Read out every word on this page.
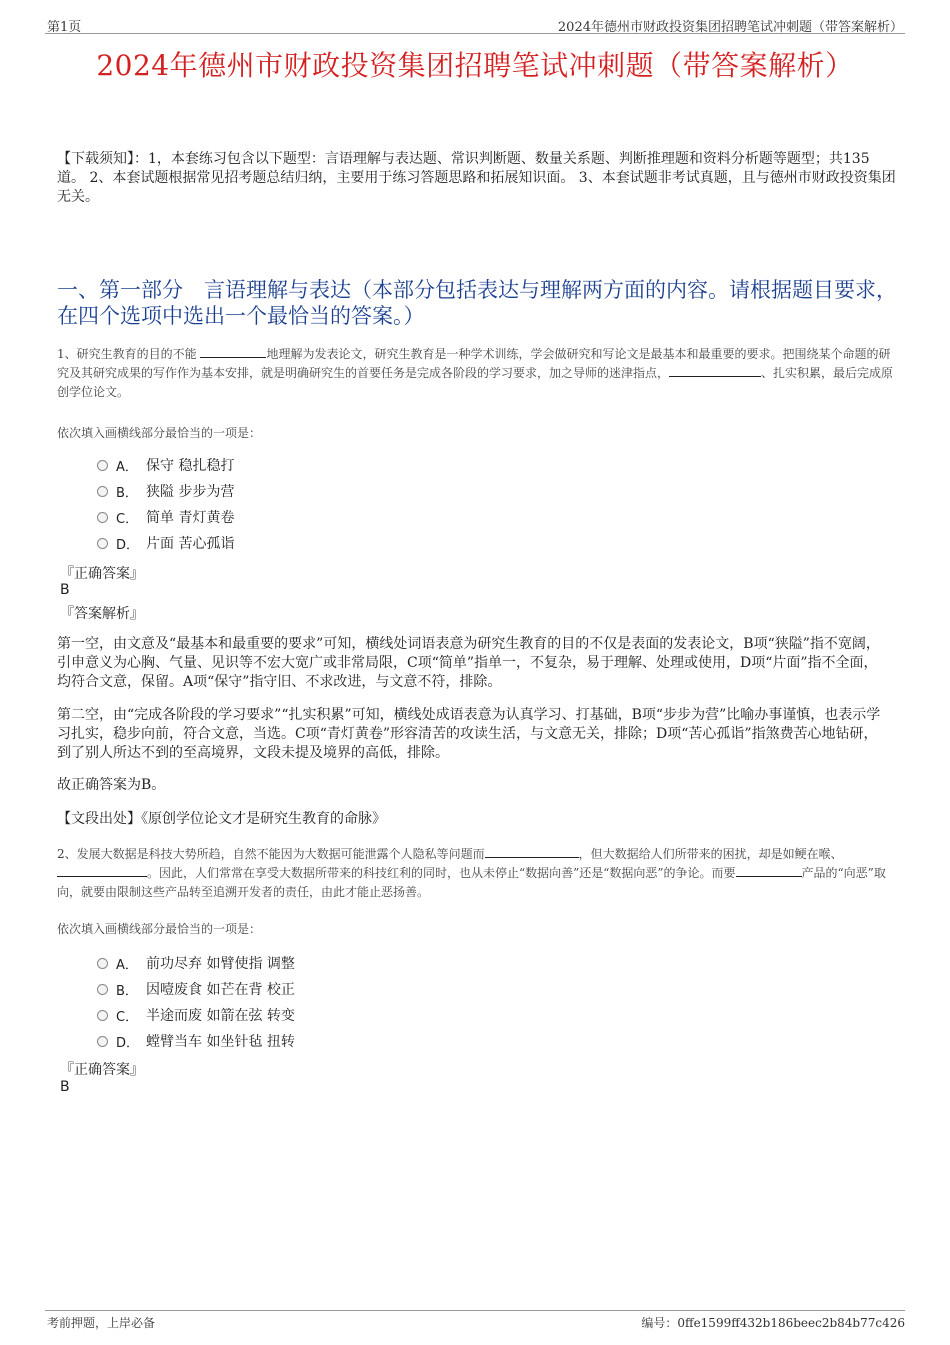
第1页	2024年德州市财政投资集团招聘笔试冲刺题（带答案解析）
2024年德州市财政投资集团招聘笔试冲刺题（带答案解析）
【下载须知】：1，本套练习包含以下题型：言语理解与表达题、常识判断题、数量关系题、判断推理题和资料分析题等题型；共135道。 2、本套试题根据常见招考题总结归纳，主要用于练习答题思路和拓展知识面。 3、本套试题非考试真题，且与德州市财政投资集团无关。
一、第一部分　言语理解与表达（本部分包括表达与理解两方面的内容。请根据题目要求，在四个选项中选出一个最恰当的答案。）
1、研究生教育的目的不能	地理解为发表论文，研究生教育是一种学术训练，学会做研究和写论文是最基本和最重要的要求。把围绕某个命题的研究及其研究成果的写作作为基本安排，就是明确研究生的首要任务是完成各阶段的学习要求，加之导师的迷津指点，	、扎实积累，最后完成原创学位论文。
依次填入画横线部分最恰当的一项是：
A． 保守 稳扎稳打
B． 狭隘 步步为营
C． 简单 青灯黄卷
D． 片面 苦心孤诣
『正确答案』
B
『答案解析』
第一空，由文意及“最基本和最重要的要求”可知，横线处词语表意为研究生教育的目的不仅是表面的发表论文，B项“狭隘”指不宽阔，引申意义为心胸、气量、见识等不宏大宽广或非常局限，C项“简单”指单一，不复杂，易于理解、处理或使用，D项“片面”指不全面，均符合文意，保留。A项“保守”指守旧、不求改进，与文意不符，排除。
第二空，由“完成各阶段的学习要求”“扎实积累”可知，横线处成语表意为认真学习、打基础，B项“步步为营”比喻办事谨慎，也表示学习扎实，稳步向前，符合文意，当选。C项“青灯黄卷”形容清苦的攻读生活，与文意无关，排除；D项“苦心孤诣”指煞费苦心地钻研，到了别人所达不到的至高境界，文段未提及境界的高低，排除。
故正确答案为B。
【文段出处】《原创学位论文才是研究生教育的命脉》
2、发展大数据是科技大势所趋，自然不能因为大数据可能泄露个人隐私等问题而	，但大数据给人们所带来的困扰，却是如鲠在喉、。因此，人们常常在享受大数据所带来的科技红利的同时，也从未停止“数据向善”还是“数据向恶”的争论。而要	产品的“向恶”取向，就要由限制这些产品转至追溯开发者的责任，由此才能止恶扬善。
依次填入画横线部分最恰当的一项是：
A． 前功尽弃 如臂使指 调整
B． 因噎废食 如芒在背 校正
C． 半途而废 如箭在弦 转变
D． 螳臂当车 如坐针毡 扭转
『正确答案』
B
考前押题，上岸必备	编号：0ffe1599ff432b186beec2b84b77c426
